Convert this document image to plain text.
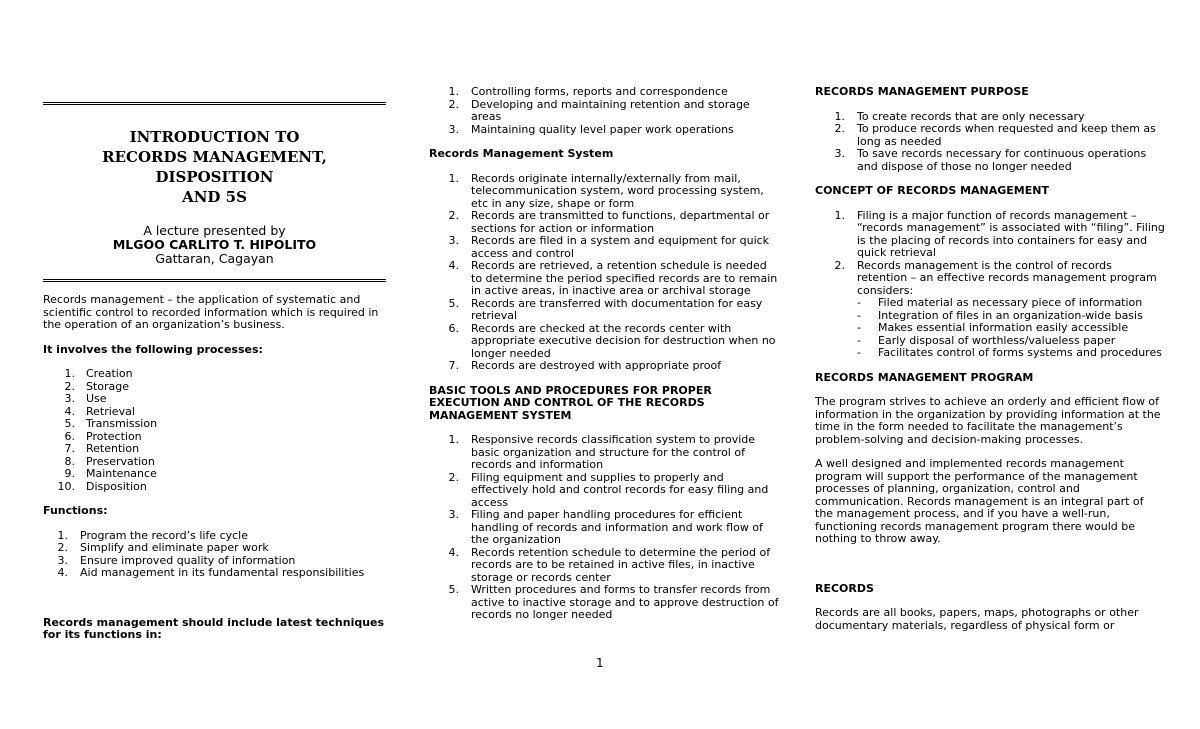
INTRODUCTION TO
RECORDS MANAGEMENT, DISPOSITION
AND 5S
A lecture presented by
MLGOO CARLITO T. HIPOLITO
Gattaran, Cagayan

Records management – the application of systematic and scientific control to recorded information which is required in the operation of an organization’s business.

It involves the following processes:

1.	Creation
2.	Storage
3.	Use
4.	Retrieval
5.	Transmission
6.	Protection
7.	Retention
8.	Preservation
9.	Maintenance
10.	Disposition

Functions:

1.	Program the record’s life cycle
2.	Simplify and eliminate paper work
3.	Ensure improved quality of information
4.	Aid management in its fundamental responsibilities

Records management should include latest techniques for its functions in:

1.	Controlling forms, reports and correspondence
2.	Developing and maintaining retention and storage areas
3.	Maintaining quality level paper work operations

Records Management System

1.	Records originate internally/externally from mail, telecommunication system, word processing system, etc in any size, shape or form
2.	Records are transmitted to functions, departmental or sections for action or information
3.	Records are filed in a system and equipment for quick access and control
4.	Records are retrieved, a retention schedule is needed to determine the period specified records are to remain in active areas, in inactive area or archival storage
5.	Records are transferred with documentation for easy retrieval
6.	Records are checked at the records center with appropriate executive decision for destruction when no longer needed
7.	Records are destroyed with appropriate proof

BASIC TOOLS AND PROCEDURES FOR PROPER EXECUTION AND CONTROL OF THE RECORDS MANAGEMENT SYSTEM

1.	Responsive records classification system to provide basic organization and structure for the control of records and information
2.	Filing equipment and supplies to properly and effectively hold and control records for easy filing and access
3.	Filing and paper handling procedures for efficient handling of records and information and work flow of the organization
4.	Records retention schedule to determine the period of records are to be retained in active files, in inactive storage or records center
5.	Written procedures and forms to transfer records from active to inactive storage and to approve destruction of records no longer needed

RECORDS MANAGEMENT PURPOSE

1.	To create records that are only necessary
2.	To produce records when requested and keep them as long as needed
3.	To save records necessary for continuous operations and dispose of those no longer needed

CONCEPT OF RECORDS MANAGEMENT

1.	Filing is a major function of records management – “records management” is associated with “filing”. Filing is the placing of records into containers for easy and quick retrieval
2.	Records management is the control of records retention – an effective records management program considers:
-	Filed material as necessary piece of information
-	Integration of files in an organization-wide basis
-	Makes essential information easily accessible
-	Early disposal of worthless/valueless paper
-	Facilitates control of forms systems and procedures

RECORDS MANAGEMENT PROGRAM

The program strives to achieve an orderly and efficient flow of information in the organization by providing information at the time in the form needed to facilitate the management’s problem-solving and decision-making processes.

A well designed and implemented records management program will support the performance of the management processes of planning, organization, control and communication. Records management is an integral part of the management process, and if you have a well-run, functioning records management program there would be nothing to throw away.

RECORDS

Records are all books, papers, maps, photographs or other documentary materials, regardless of physical form or

1
